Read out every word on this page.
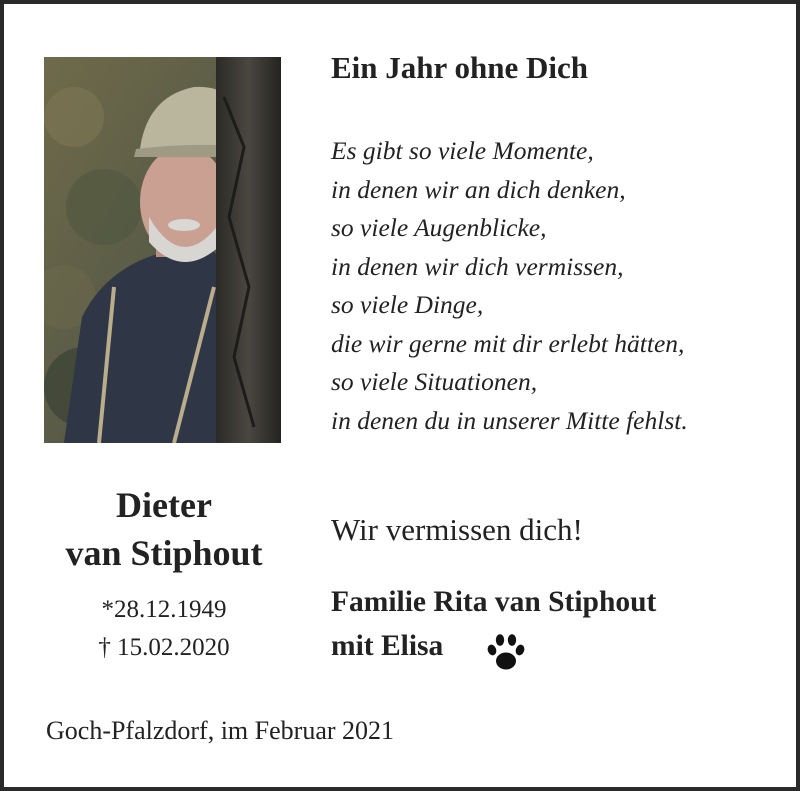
Ein Jahr ohne Dich
Es gibt so viele Momente,
in denen wir an dich denken,
so viele Augenblicke,
in denen wir dich vermissen,
so viele Dinge,
die wir gerne mit dir erlebt hätten,
so viele Situationen,
in denen du in unserer Mitte fehlst.
Dieter
van Stiphout
*28.12.1949
† 15.02.2020
Wir vermissen dich!
Familie Rita van Stiphout
mit Elisa
Goch-Pfalzdorf, im Februar 2021
